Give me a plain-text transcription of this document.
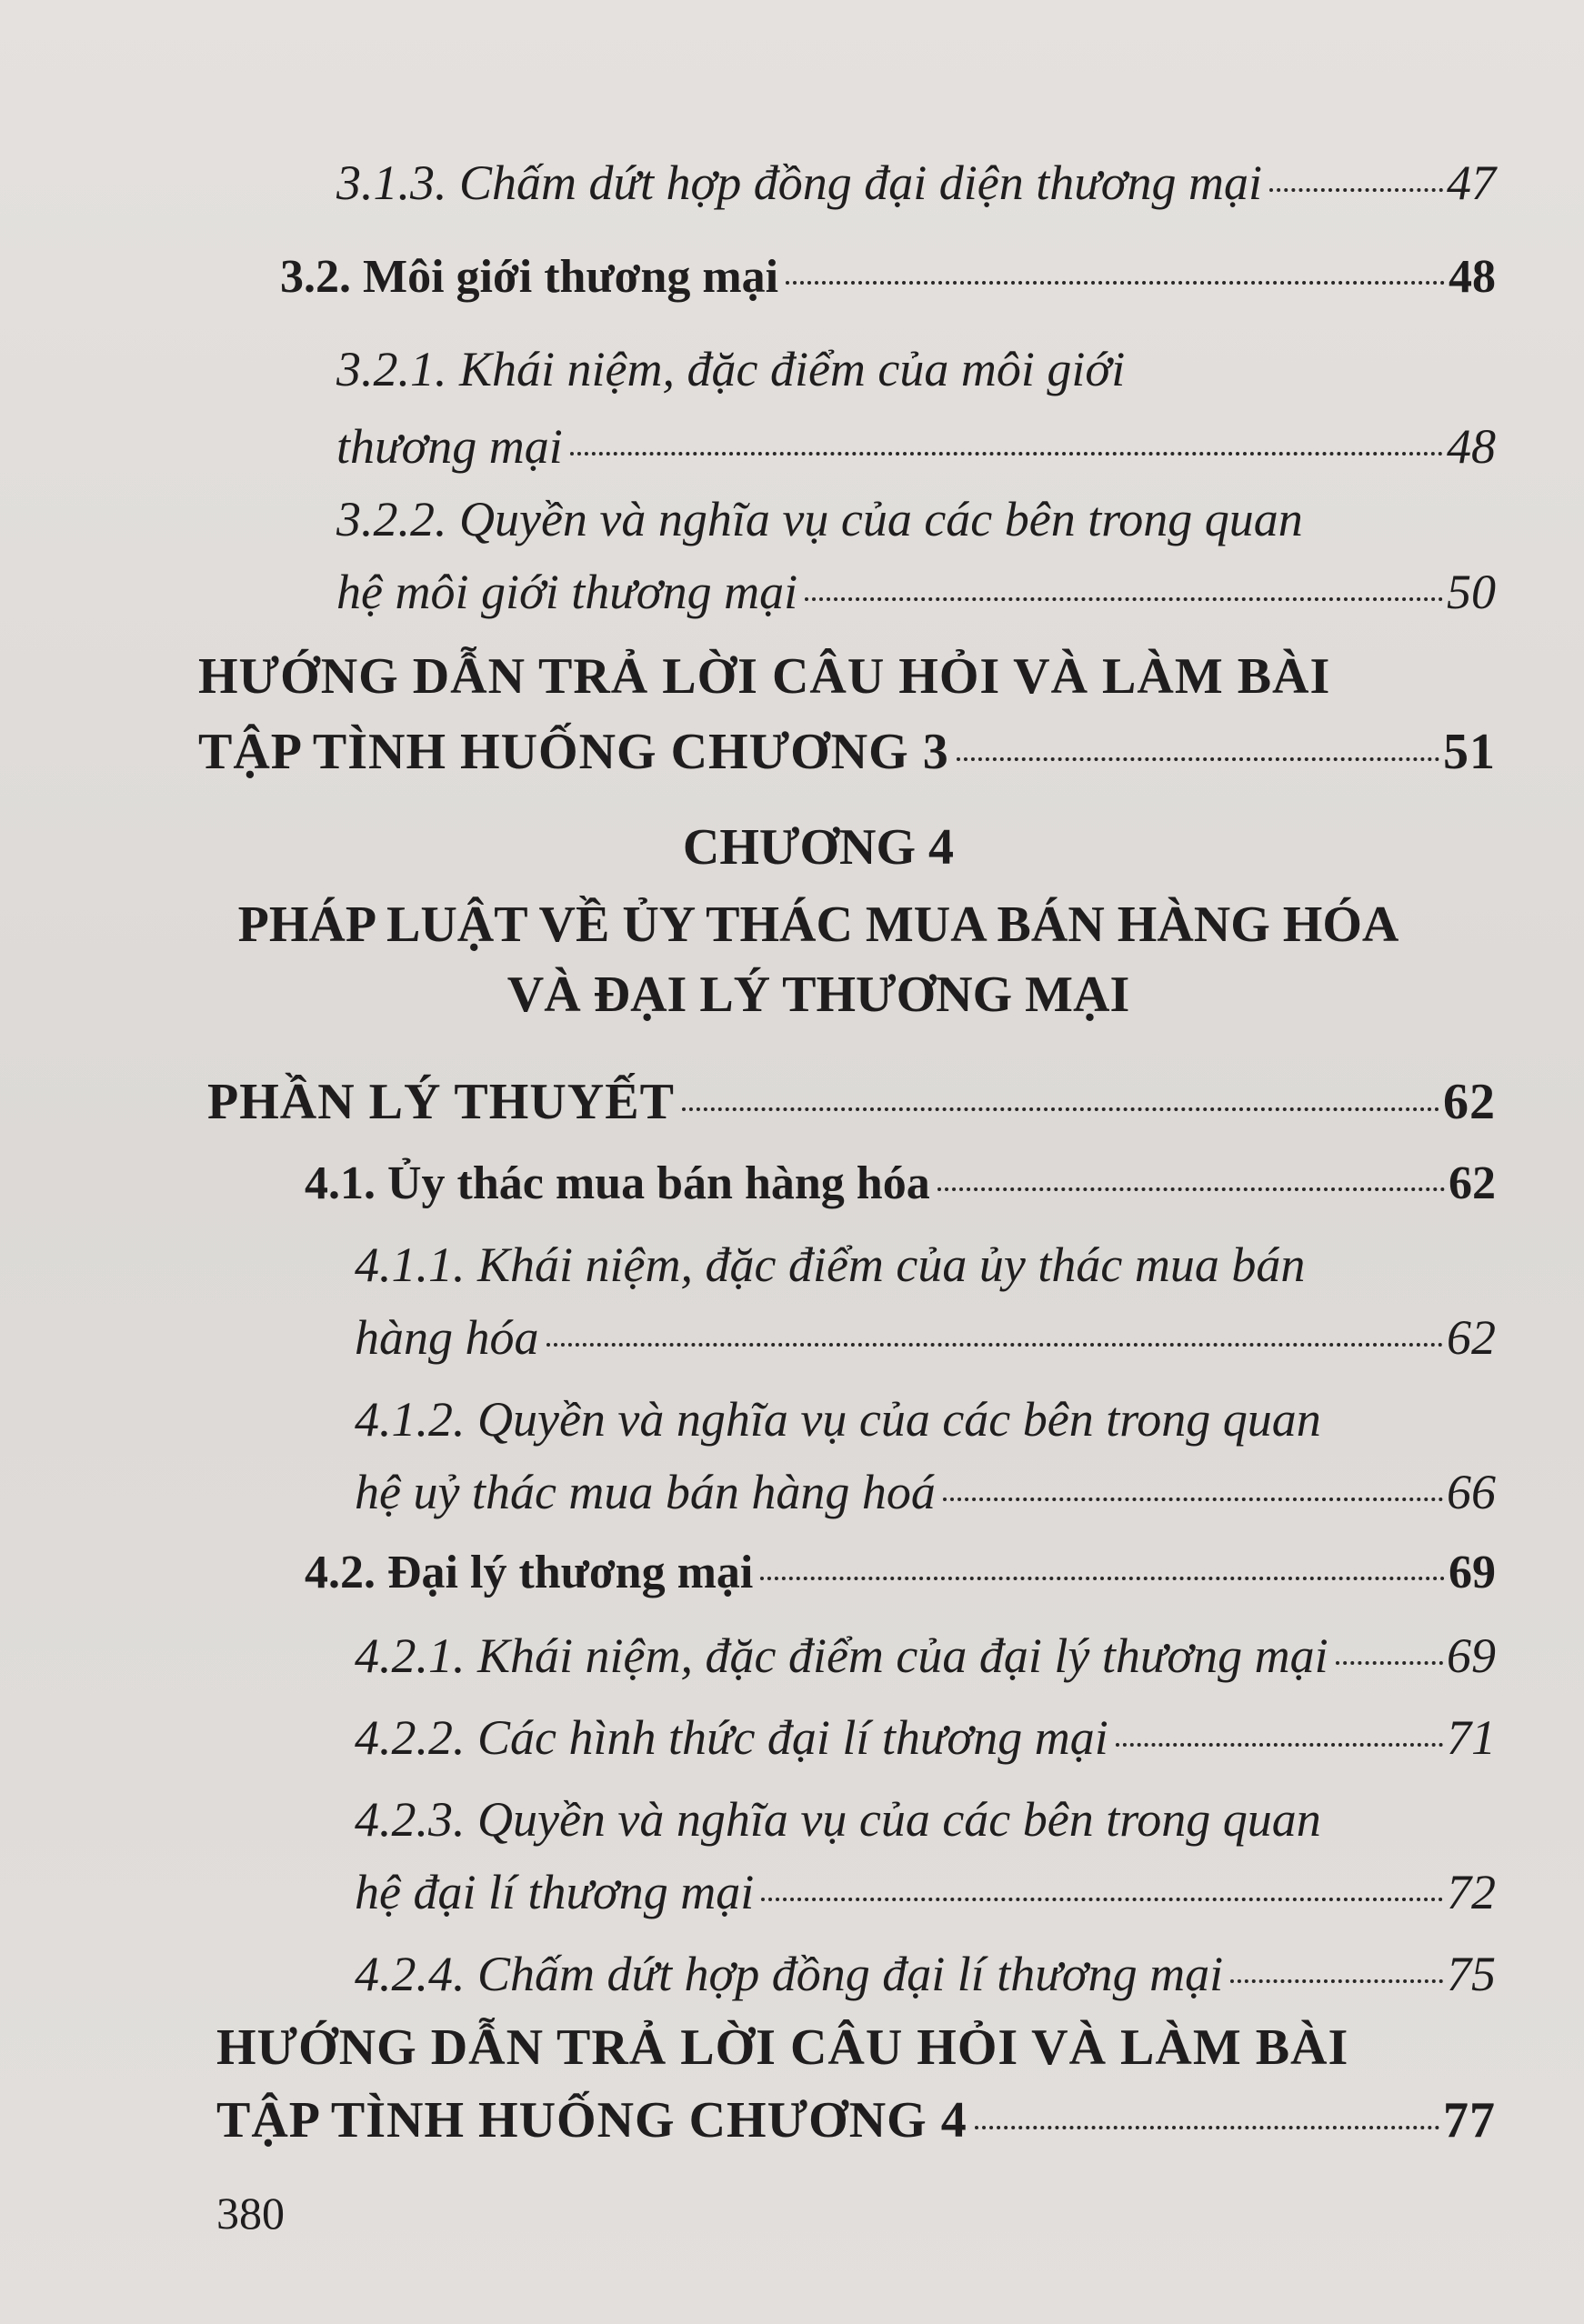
3.1.3. Chấm dứt hợp đồng đại diện thương mại	47
3.2. Môi giới thương mại	48
3.2.1. Khái niệm, đặc điểm của môi giới
thương mại	48
3.2.2. Quyền và nghĩa vụ của các bên trong quan
hệ môi giới thương mại	50
HƯỚNG DẪN TRẢ LỜI CÂU HỎI VÀ LÀM BÀI
TẬP TÌNH HUỐNG CHƯƠNG 3	51
CHƯƠNG 4
PHÁP LUẬT VỀ ỦY THÁC MUA BÁN HÀNG HÓA
VÀ ĐẠI LÝ THƯƠNG MẠI
PHẦN LÝ THUYẾT	62
4.1. Ủy thác mua bán hàng hóa	62
4.1.1. Khái niệm, đặc điểm của ủy thác mua bán
hàng hóa	62
4.1.2. Quyền và nghĩa vụ của các bên trong quan
hệ uỷ thác mua bán hàng hoá	66
4.2. Đại lý thương mại	69
4.2.1. Khái niệm, đặc điểm của đại lý thương mại 69
4.2.2. Các hình thức đại lí thương mại	71
4.2.3. Quyền và nghĩa vụ của các bên trong quan
hệ đại lí thương mại	72
4.2.4. Chấm dứt hợp đồng đại lí thương mại	75
HƯỚNG DẪN TRẢ LỜI CÂU HỎI VÀ LÀM BÀI
TẬP TÌNH HUỐNG CHƯƠNG 4	77
380
